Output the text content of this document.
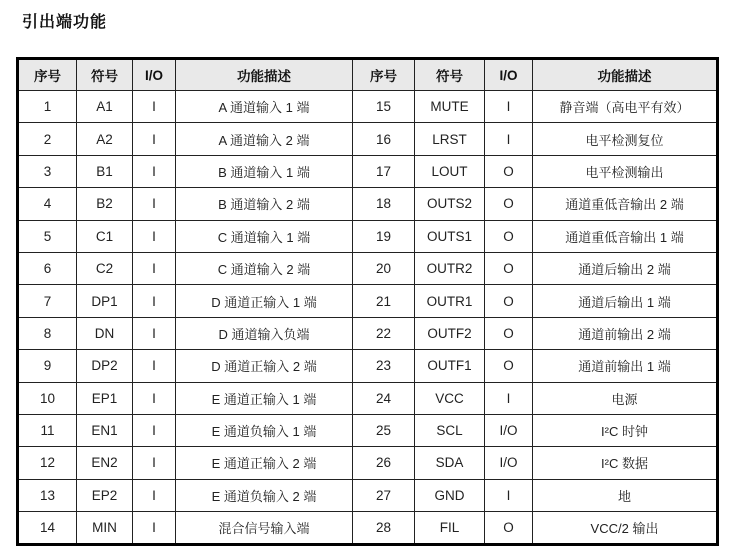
引出端功能
序号	符号	I/O	功能描述	序号	符号	I/O	功能描述
1	A1	I	A 通道输入 1 端	15	MUTE	I	静音端（高电平有效）
2	A2	I	A 通道输入 2 端	16	LRST	I	电平检测复位
3	B1	I	B 通道输入 1 端	17	LOUT	O	电平检测输出
4	B2	I	B 通道输入 2 端	18	OUTS2	O	通道重低音输出 2 端
5	C1	I	C 通道输入 1 端	19	OUTS1	O	通道重低音输出 1 端
6	C2	I	C 通道输入 2 端	20	OUTR2	O	通道后输出 2 端
7	DP1	I	D 通道正输入 1 端	21	OUTR1	O	通道后输出 1 端
8	DN	I	D 通道输入负端	22	OUTF2	O	通道前输出 2 端
9	DP2	I	D 通道正输入 2 端	23	OUTF1	O	通道前输出 1 端
10	EP1	I	E 通道正输入 1 端	24	VCC	I	电源
11	EN1	I	E 通道负输入 1 端	25	SCL	I/O	I²C 时钟
12	EN2	I	E 通道正输入 2 端	26	SDA	I/O	I²C 数据
13	EP2	I	E 通道负输入 2 端	27	GND	I	地
14	MIN	I	混合信号输入端	28	FIL	O	VCC/2 输出
